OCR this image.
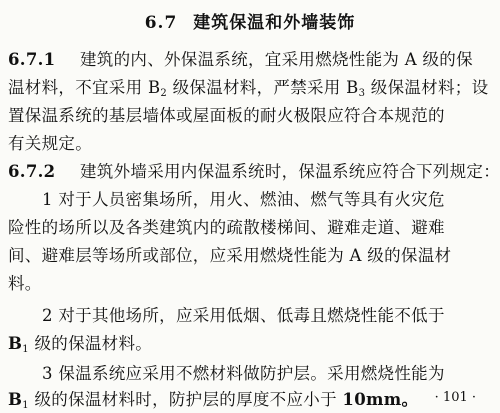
6.7 建筑保温和外墙装饰
6.7.1 建筑的内、外保温系统，宜采用燃烧性能为 A 级的保
温材料，不宜采用 $B_2$ 级保温材料，严禁采用 $B_3$ 级保温材料；设
置保温系统的基层墙体或屋面板的耐火极限应符合本规范的
有关规定。
6.7.2 建筑外墙采用内保温系统时，保温系统应符合下列规定：
1 对于人员密集场所，用火、燃油、燃气等具有火灾危
险性的场所以及各类建筑内的疏散楼梯间、避难走道、避难
间、避难层等场所或部位，应采用燃烧性能为 A 级的保温材
料。
2 对于其他场所，应采用低烟、低毒且燃烧性能不低于
$B_1$ 级的保温材料。
3 保温系统应采用不燃材料做防护层。采用燃烧性能为
$B_1$ 级的保温材料时，防护层的厚度不应小于 10mm。 · 101 ·
